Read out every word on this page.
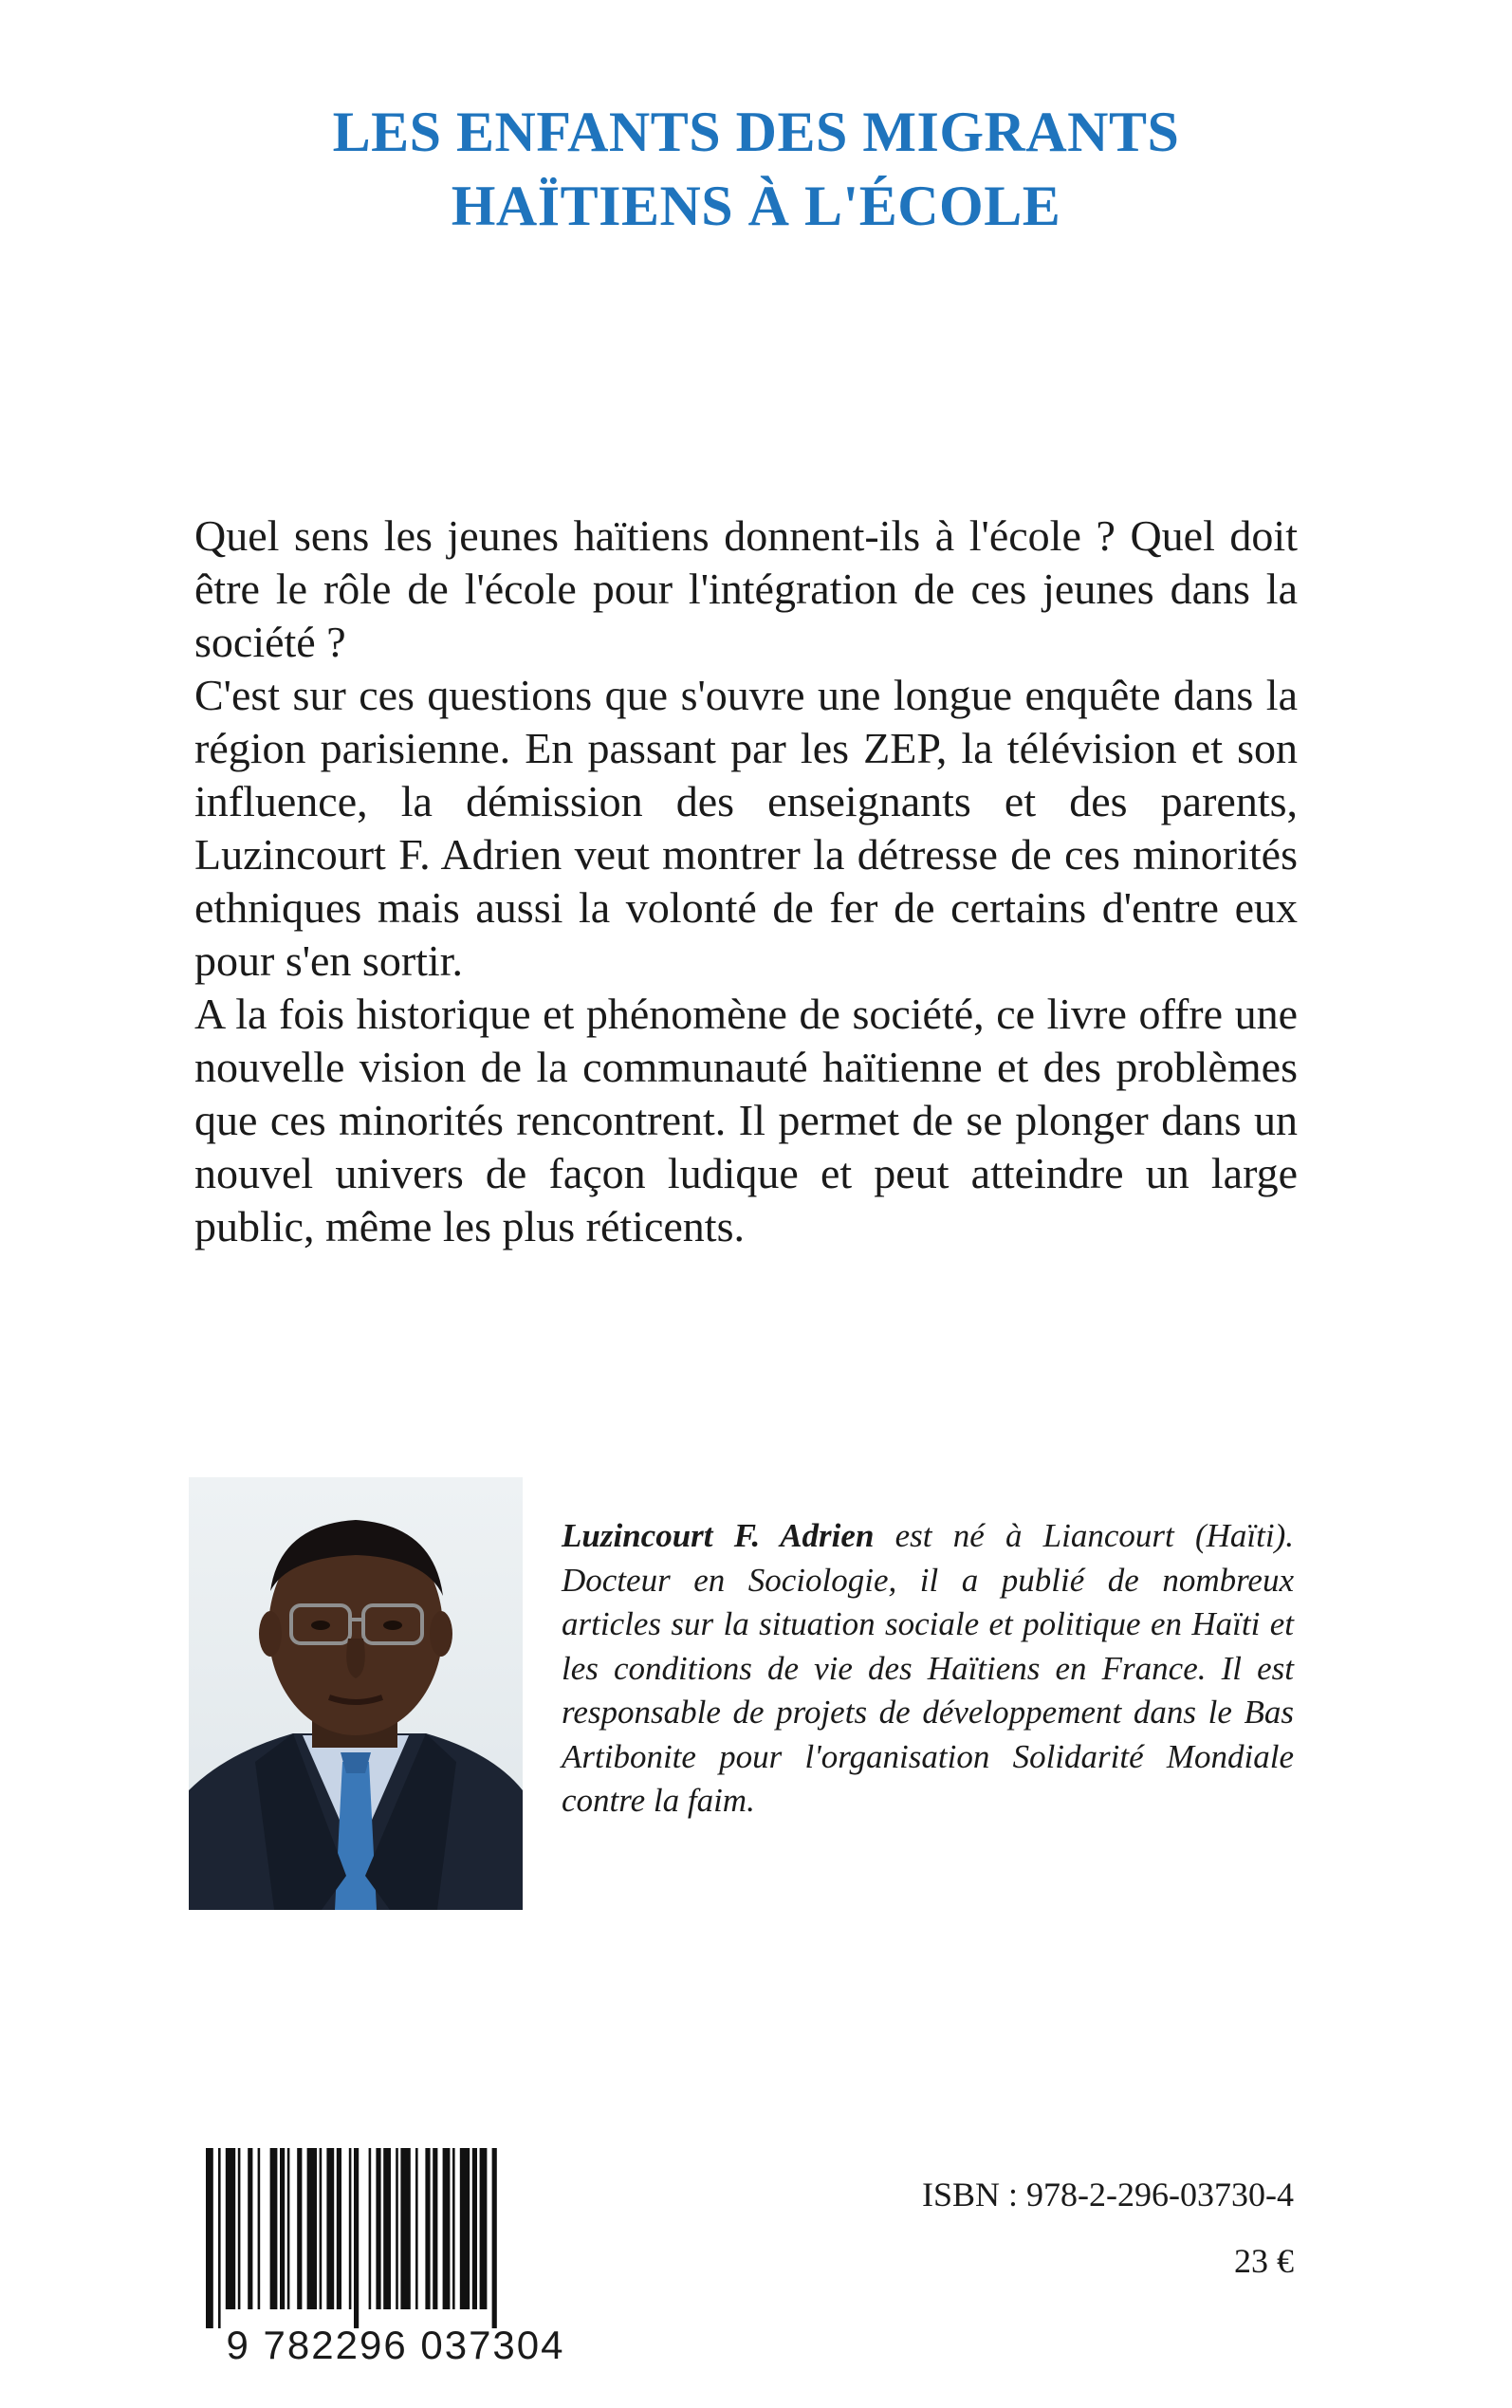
LES ENFANTS DES MIGRANTS
HAÏTIENS À L'ÉCOLE

Quel sens les jeunes haïtiens donnent-ils à l'école ? Quel doit être le rôle de l'école pour l'intégration de ces jeunes dans la société ?

C'est sur ces questions que s'ouvre une longue enquête dans la région parisienne. En passant par les ZEP, la télévision et son influence, la démission des enseignants et des parents, Luzincourt F. Adrien veut montrer la détresse de ces minorités ethniques mais aussi la volonté de fer de certains d'entre eux pour s'en sortir.

A la fois historique et phénomène de société, ce livre offre une nouvelle vision de la communauté haïtienne et des problèmes que ces minorités rencontrent. Il permet de se plonger dans un nouvel univers de façon ludique et peut atteindre un large public, même les plus réticents.

Luzincourt F. Adrien est né à Liancourt (Haïti). Docteur en Sociologie, il a publié de nombreux articles sur la situation sociale et politique en Haïti et les conditions de vie des Haïtiens en France. Il est responsable de projets de développement dans le Bas Artibonite pour l'organisation Solidarité Mondiale contre la faim.
9 782296 037304
ISBN : 978-2-296-03730-4
23 €
